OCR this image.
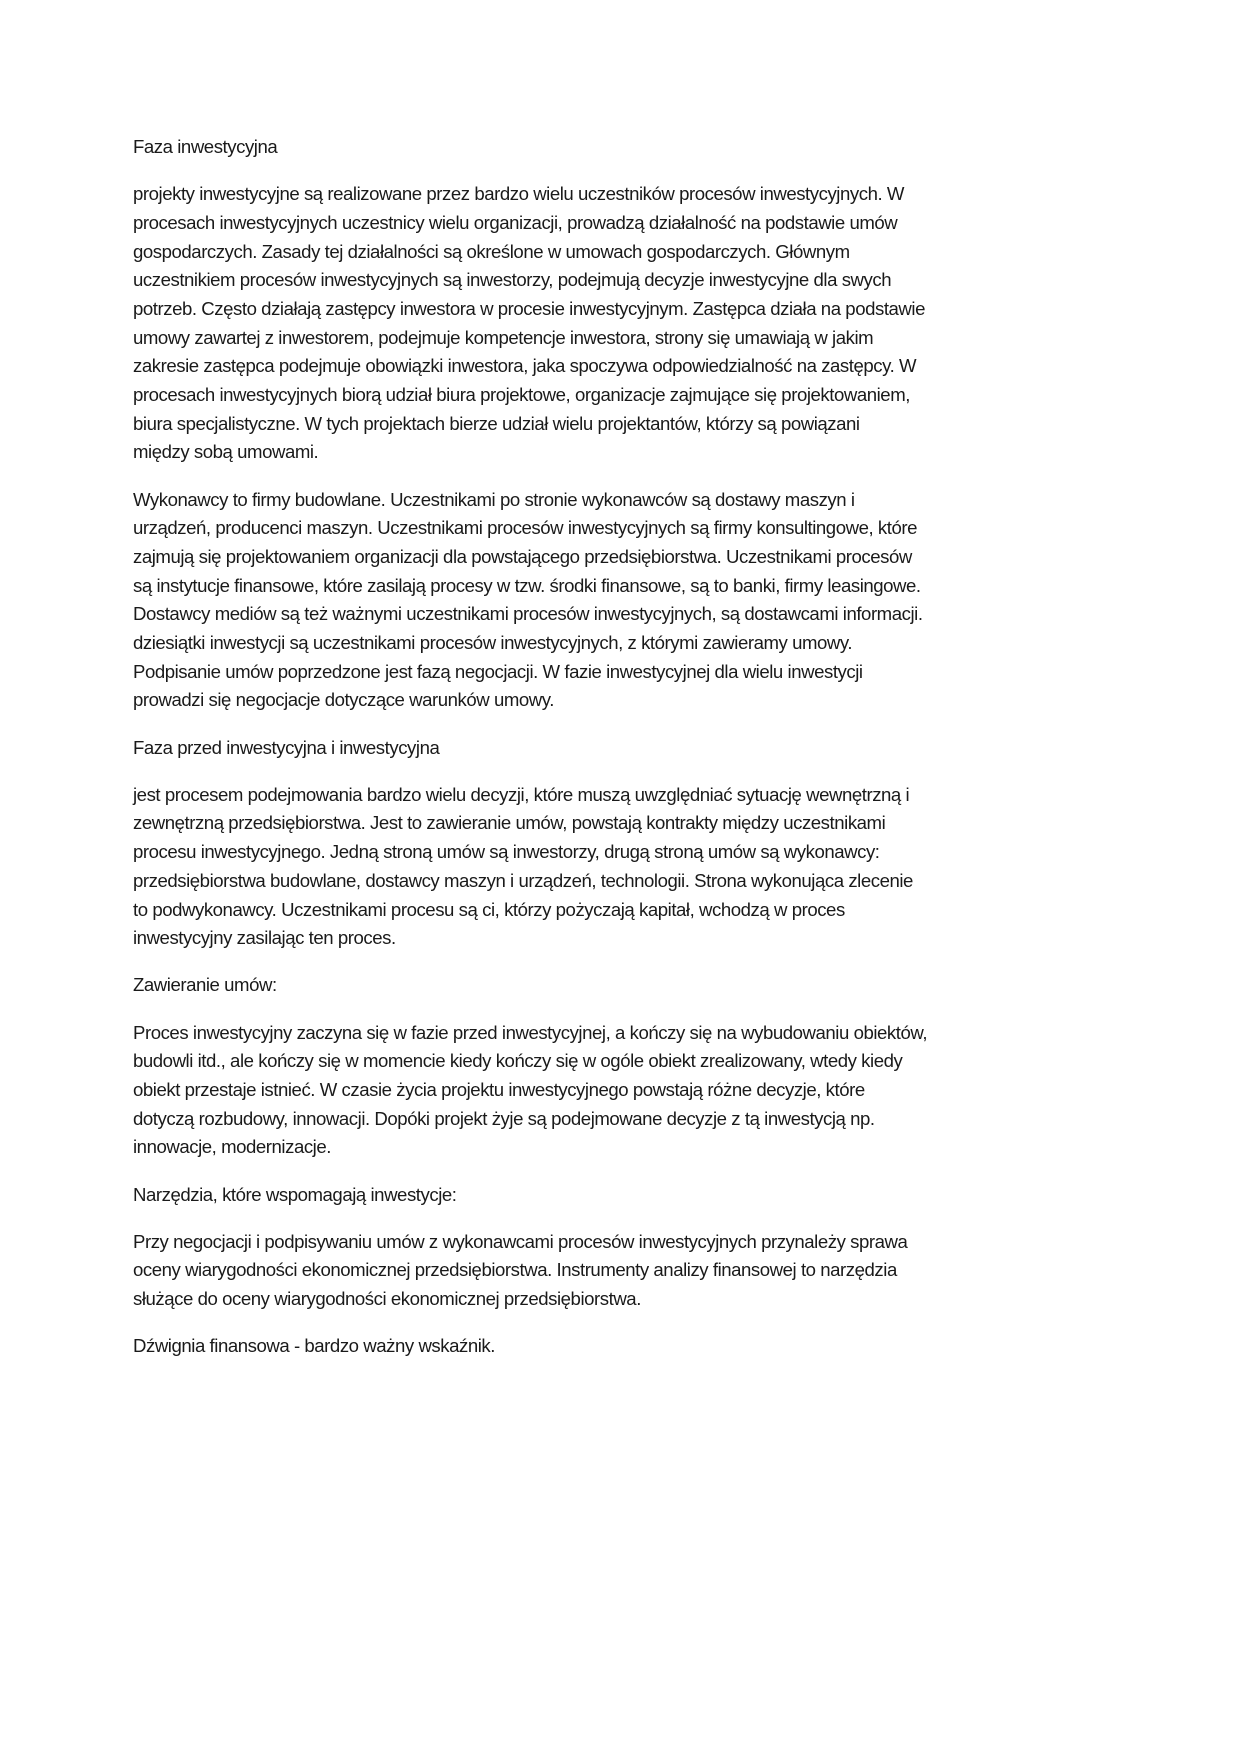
Faza inwestycyjna

projekty inwestycyjne są realizowane przez bardzo wielu uczestników procesów inwestycyjnych. W
procesach inwestycyjnych uczestnicy wielu organizacji, prowadzą działalność na podstawie umów
gospodarczych. Zasady tej działalności są określone w umowach gospodarczych. Głównym
uczestnikiem procesów inwestycyjnych są inwestorzy, podejmują decyzje inwestycyjne dla swych
potrzeb. Często działają zastępcy inwestora w procesie inwestycyjnym. Zastępca działa na podstawie
umowy zawartej z inwestorem, podejmuje kompetencje inwestora, strony się umawiają w jakim
zakresie zastępca podejmuje obowiązki inwestora, jaka spoczywa odpowiedzialność na zastępcy. W
procesach inwestycyjnych biorą udział biura projektowe, organizacje zajmujące się projektowaniem,
biura specjalistyczne. W tych projektach bierze udział wielu projektantów, którzy są powiązani
między sobą umowami.

Wykonawcy to firmy budowlane. Uczestnikami po stronie wykonawców są dostawy maszyn i
urządzeń, producenci maszyn. Uczestnikami procesów inwestycyjnych są firmy konsultingowe, które
zajmują się projektowaniem organizacji dla powstającego przedsiębiorstwa. Uczestnikami procesów
są instytucje finansowe, które zasilają procesy w tzw. środki finansowe, są to banki, firmy leasingowe.
Dostawcy mediów są też ważnymi uczestnikami procesów inwestycyjnych, są dostawcami informacji.
dziesiątki inwestycji są uczestnikami procesów inwestycyjnych, z którymi zawieramy umowy.
Podpisanie umów poprzedzone jest fazą negocjacji. W fazie inwestycyjnej dla wielu inwestycji
prowadzi się negocjacje dotyczące warunków umowy.

Faza przed inwestycyjna i inwestycyjna

jest procesem podejmowania bardzo wielu decyzji, które muszą uwzględniać sytuację wewnętrzną i
zewnętrzną przedsiębiorstwa. Jest to zawieranie umów, powstają kontrakty między uczestnikami
procesu inwestycyjnego. Jedną stroną umów są inwestorzy, drugą stroną umów są wykonawcy:
przedsiębiorstwa budowlane, dostawcy maszyn i urządzeń, technologii. Strona wykonująca zlecenie
to podwykonawcy. Uczestnikami procesu są ci, którzy pożyczają kapitał, wchodzą w proces
inwestycyjny zasilając ten proces.

Zawieranie umów:

Proces inwestycyjny zaczyna się w fazie przed inwestycyjnej, a kończy się na wybudowaniu obiektów,
budowli itd., ale kończy się w momencie kiedy kończy się w ogóle obiekt zrealizowany, wtedy kiedy
obiekt przestaje istnieć. W czasie życia projektu inwestycyjnego powstają różne decyzje, które
dotyczą rozbudowy, innowacji. Dopóki projekt żyje są podejmowane decyzje z tą inwestycją np.
innowacje, modernizacje.

Narzędzia, które wspomagają inwestycje:

Przy negocjacji i podpisywaniu umów z wykonawcami procesów inwestycyjnych przynależy sprawa
oceny wiarygodności ekonomicznej przedsiębiorstwa. Instrumenty analizy finansowej to narzędzia
służące do oceny wiarygodności ekonomicznej przedsiębiorstwa.

Dźwignia finansowa - bardzo ważny wskaźnik.
